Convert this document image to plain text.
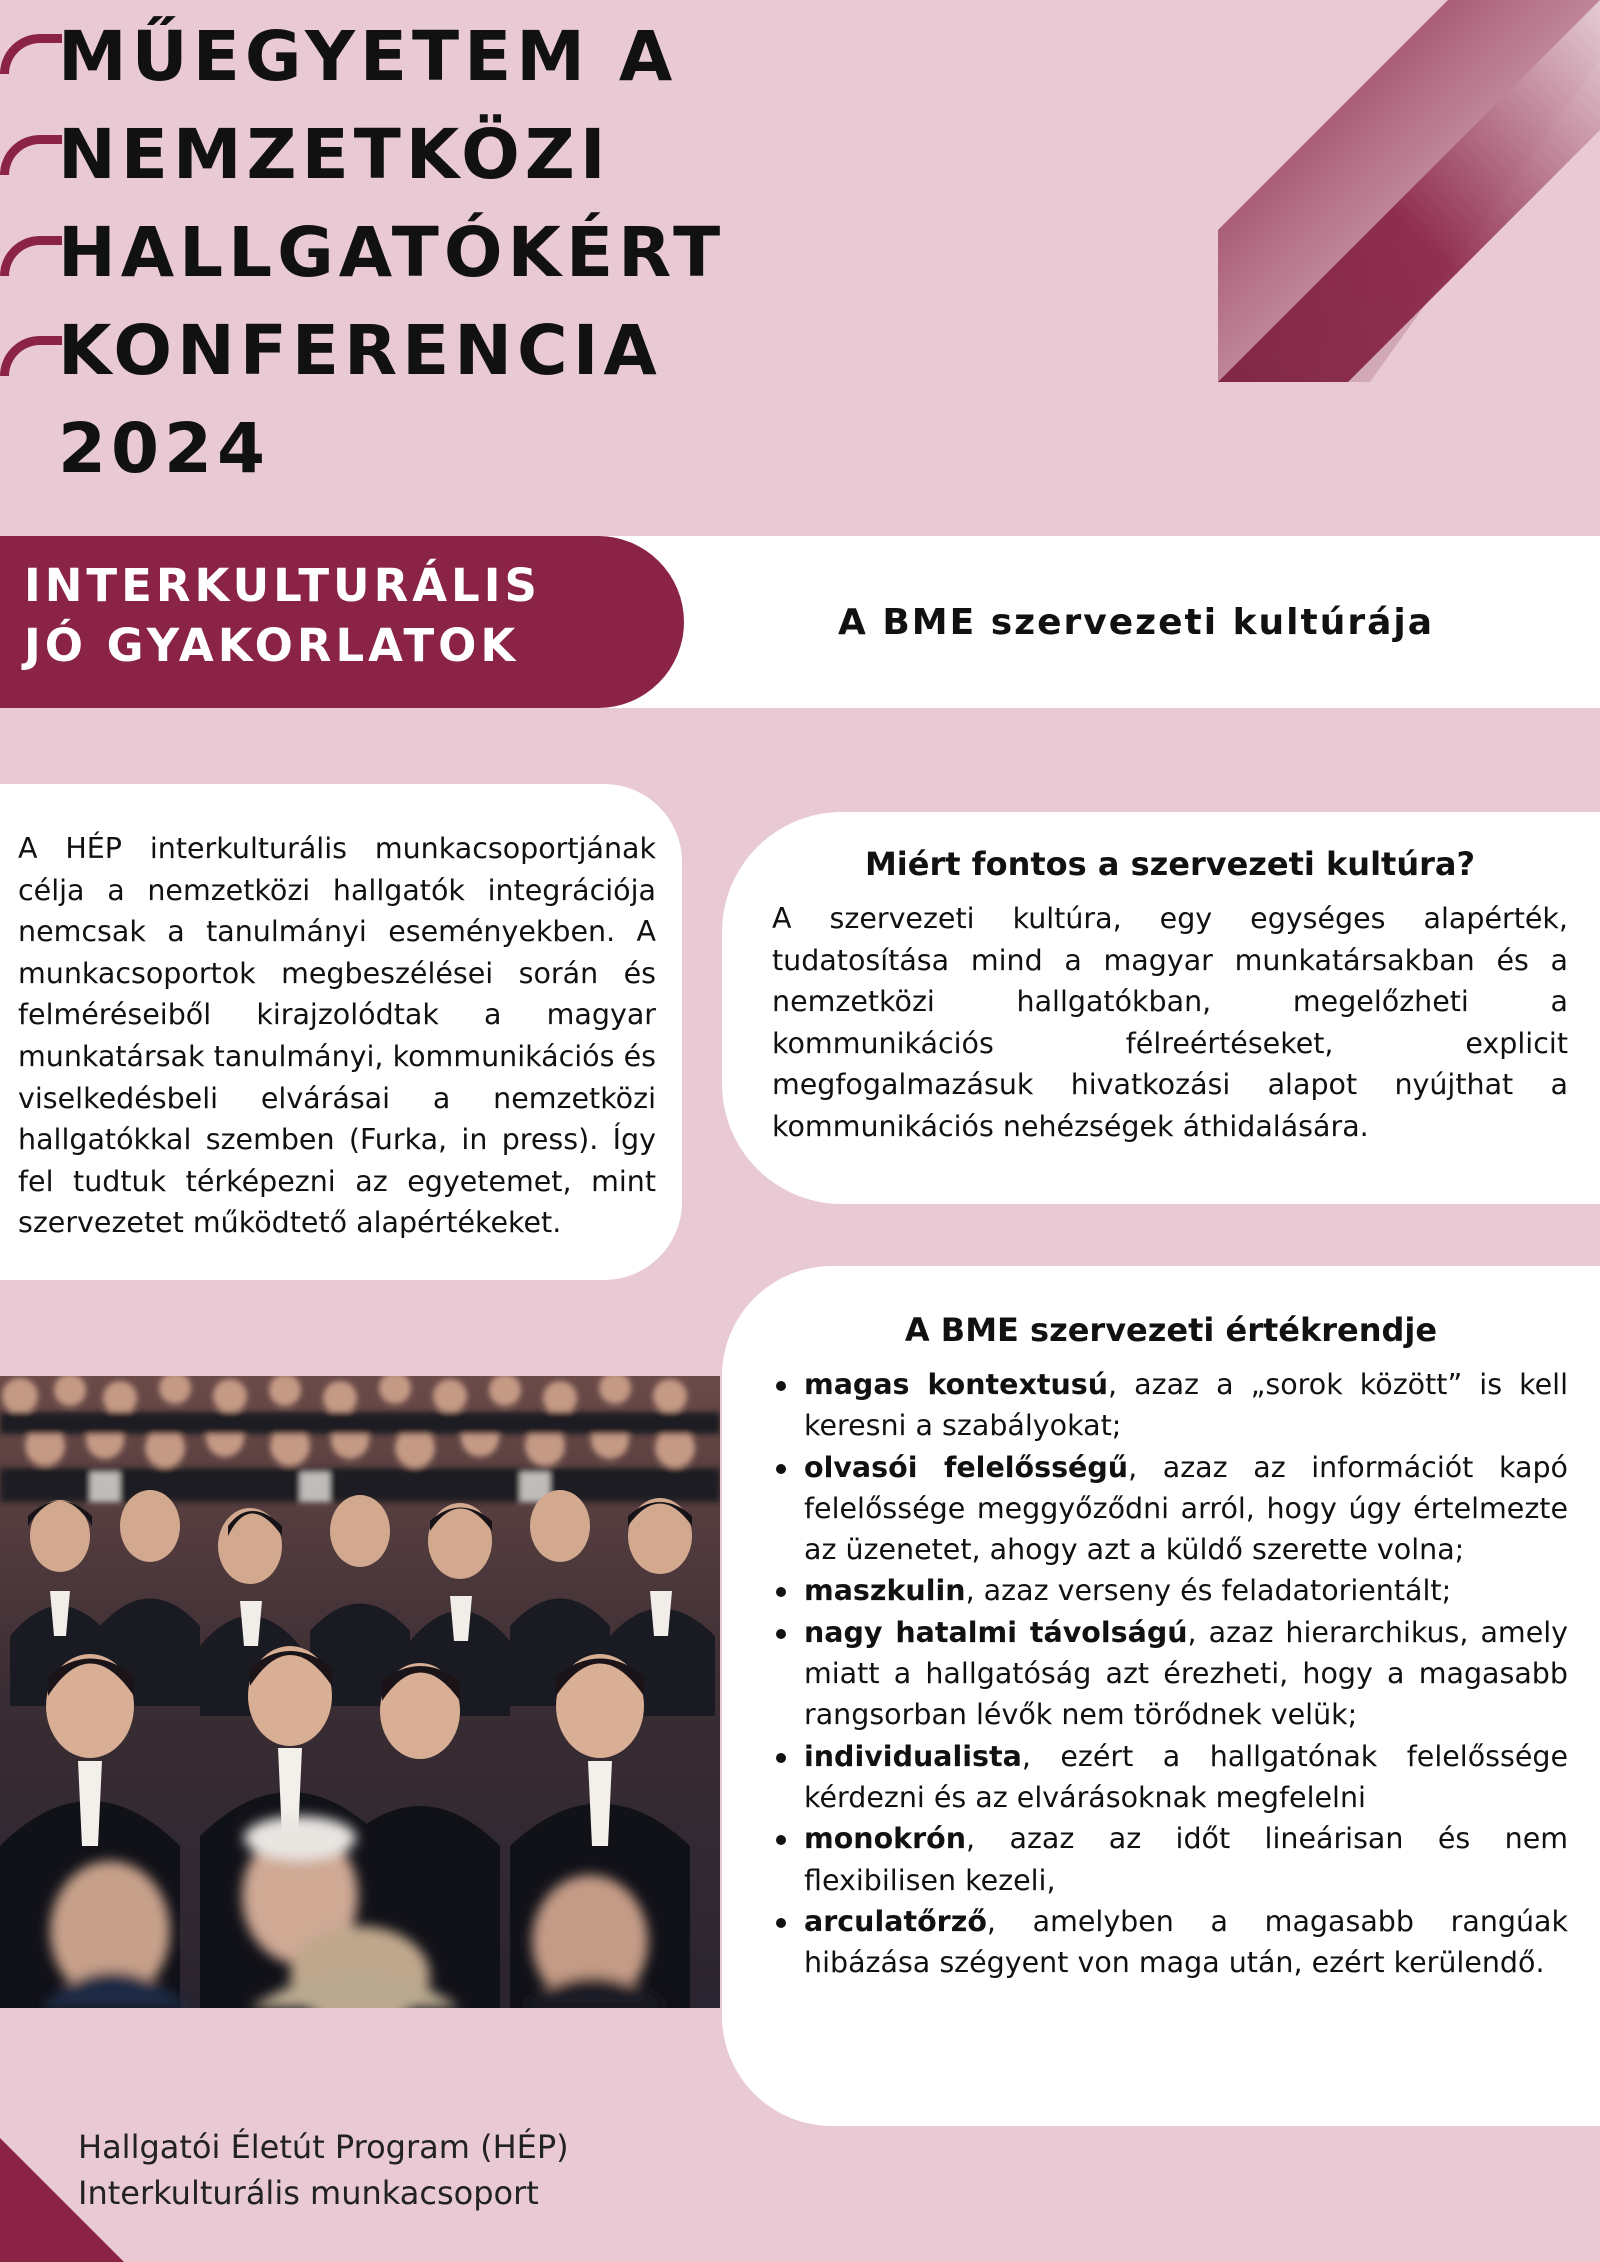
MŰEGYETEM A
NEMZETKÖZI
HALLGATÓKÉRT
KONFERENCIA
2024
INTERKULTURÁLIS
JÓ GYAKORLATOK	A BME szervezeti kultúrája

A HÉP interkulturális munkacsoportjának célja a nemzetközi hallgatók integrációja nemcsak a tanulmányi eseményekben. A munkacsoportok megbeszélései során és felméréseiből kirajzolódtak a magyar munkatársak tanulmányi, kommunikációs és viselkedésbeli elvárásai a nemzetközi hallgatókkal szemben (Furka, in press). Így fel tudtuk térképezni az egyetemet, mint szervezetet működtető alapértékeket.

Miért fontos a szervezeti kultúra?

A szervezeti kultúra, egy egységes alapérték, tudatosítása mind a magyar munkatársakban és a nemzetközi hallgatókban, megelőzheti a kommunikációs félreértéseket, explicit megfogalmazásuk hivatkozási alapot nyújthat a kommunikációs nehézségek áthidalására.

A BME szervezeti értékrendje
magas kontextusú, azaz a „sorok között” is kell keresni a szabályokat;
olvasói felelősségű, azaz az információt kapó felelőssége meggyőződni arról, hogy úgy értelmezte az üzenetet, ahogy azt a küldő szerette volna;
maszkulin, azaz verseny és feladatorientált;
nagy hatalmi távolságú, azaz hierarchikus, amely miatt a hallgatóság azt érezheti, hogy a magasabb rangsorban lévők nem törődnek velük;
individualista, ezért a hallgatónak felelőssége kérdezni és az elvárásoknak megfelelni
monokrón, azaz az időt lineárisan és nem flexibilisen kezeli,
arculatőrző, amelyben a magasabb rangúak hibázása szégyent von maga után, ezért kerülendő.
Hallgatói Életút Program (HÉP)
Interkulturális munkacsoport
